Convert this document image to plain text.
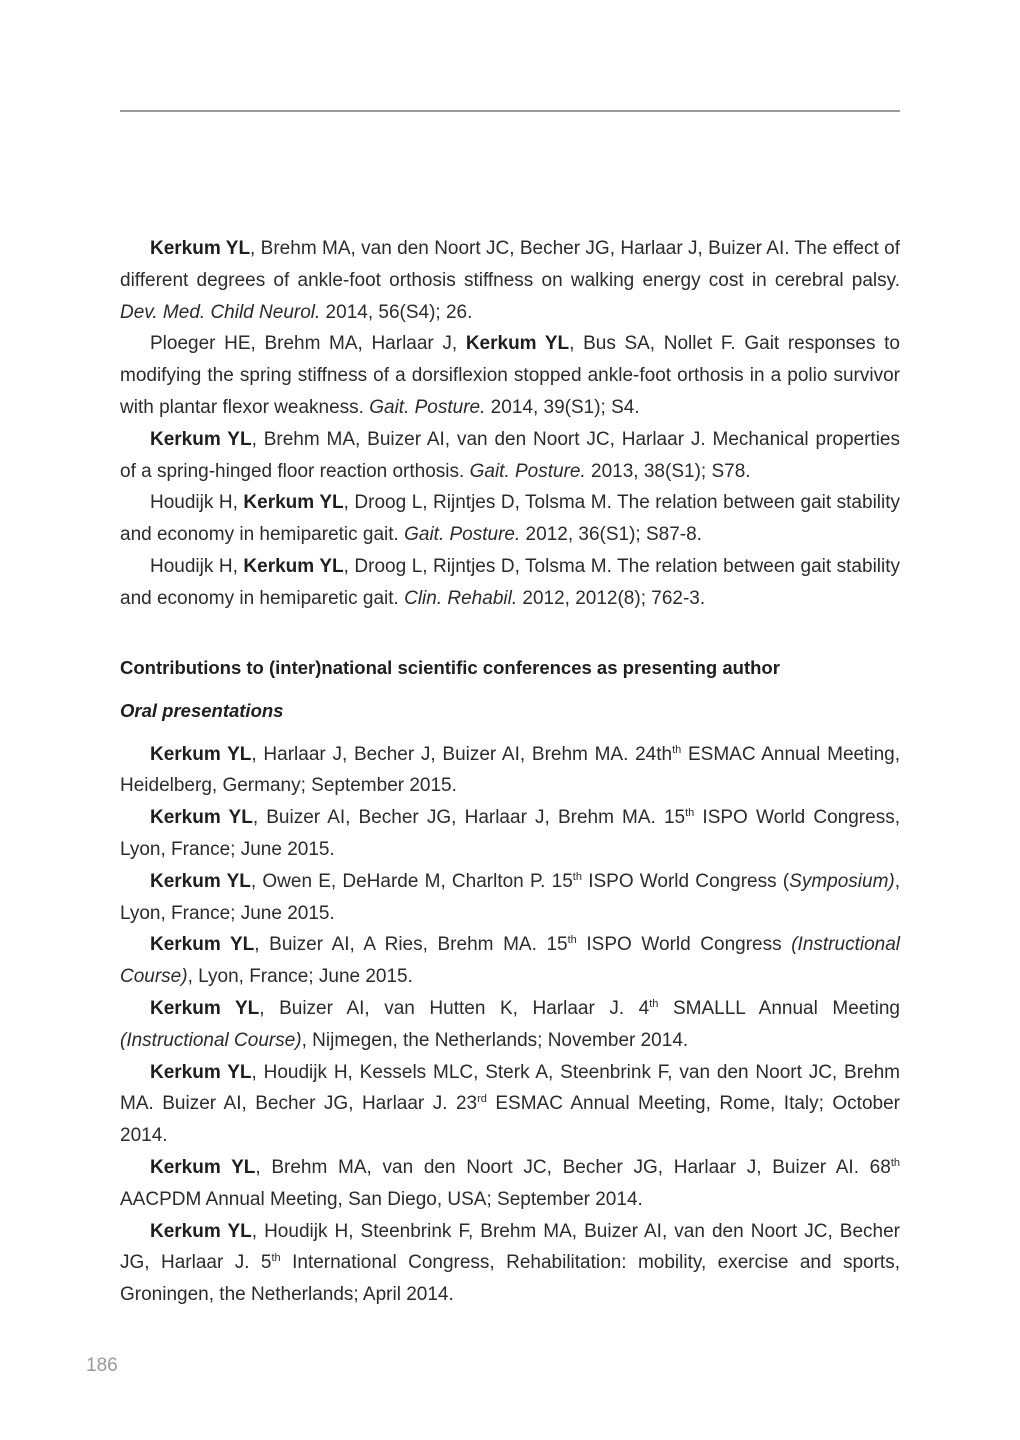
Kerkum YL, Brehm MA, van den Noort JC, Becher JG, Harlaar J, Buizer AI. The effect of different degrees of ankle-foot orthosis stiffness on walking energy cost in cerebral palsy. Dev. Med. Child Neurol. 2014, 56(S4); 26.

Ploeger HE, Brehm MA, Harlaar J, Kerkum YL, Bus SA, Nollet F. Gait responses to modifying the spring stiffness of a dorsiflexion stopped ankle-foot orthosis in a polio survivor with plantar flexor weakness. Gait. Posture. 2014, 39(S1); S4.

Kerkum YL, Brehm MA, Buizer AI, van den Noort JC, Harlaar J. Mechanical properties of a spring-hinged floor reaction orthosis. Gait. Posture. 2013, 38(S1); S78.

Houdijk H, Kerkum YL, Droog L, Rijntjes D, Tolsma M. The relation between gait stability and economy in hemiparetic gait. Gait. Posture. 2012, 36(S1); S87-8.

Houdijk H, Kerkum YL, Droog L, Rijntjes D, Tolsma M. The relation between gait stability and economy in hemiparetic gait. Clin. Rehabil. 2012, 2012(8); 762-3.

Contributions to (inter)national scientific conferences as presenting author
Oral presentations

Kerkum YL, Harlaar J, Becher J, Buizer AI, Brehm MA. $24th^{th}$ ESMAC Annual Meeting, Heidelberg, Germany; September 2015.

Kerkum YL, Buizer AI, Becher JG, Harlaar J, Brehm MA. 15th ISPO World Congress, Lyon, France; June 2015.

Kerkum YL, Owen E, DeHarde M, Charlton P. 15th ISPO World Congress (Symposium), Lyon, France; June 2015.

Kerkum YL, Buizer AI, A Ries, Brehm MA. 15th ISPO World Congress (Instructional Course), Lyon, France; June 2015.

Kerkum YL, Buizer AI, van Hutten K, Harlaar J. 4th SMALLL Annual Meeting (Instructional Course), Nijmegen, the Netherlands; November 2014.

Kerkum YL, Houdijk H, Kessels MLC, Sterk A, Steenbrink F, van den Noort JC, Brehm MA. Buizer AI, Becher JG, Harlaar J. 23rd ESMAC Annual Meeting, Rome, Italy; October 2014.

Kerkum YL, Brehm MA, van den Noort JC, Becher JG, Harlaar J, Buizer AI. 68th AACPDM Annual Meeting, San Diego, USA; September 2014.

Kerkum YL, Houdijk H, Steenbrink F, Brehm MA, Buizer AI, van den Noort JC, Becher JG, Harlaar J. 5th International Congress, Rehabilitation: mobility, exercise and sports, Groningen, the Netherlands; April 2014.

186
